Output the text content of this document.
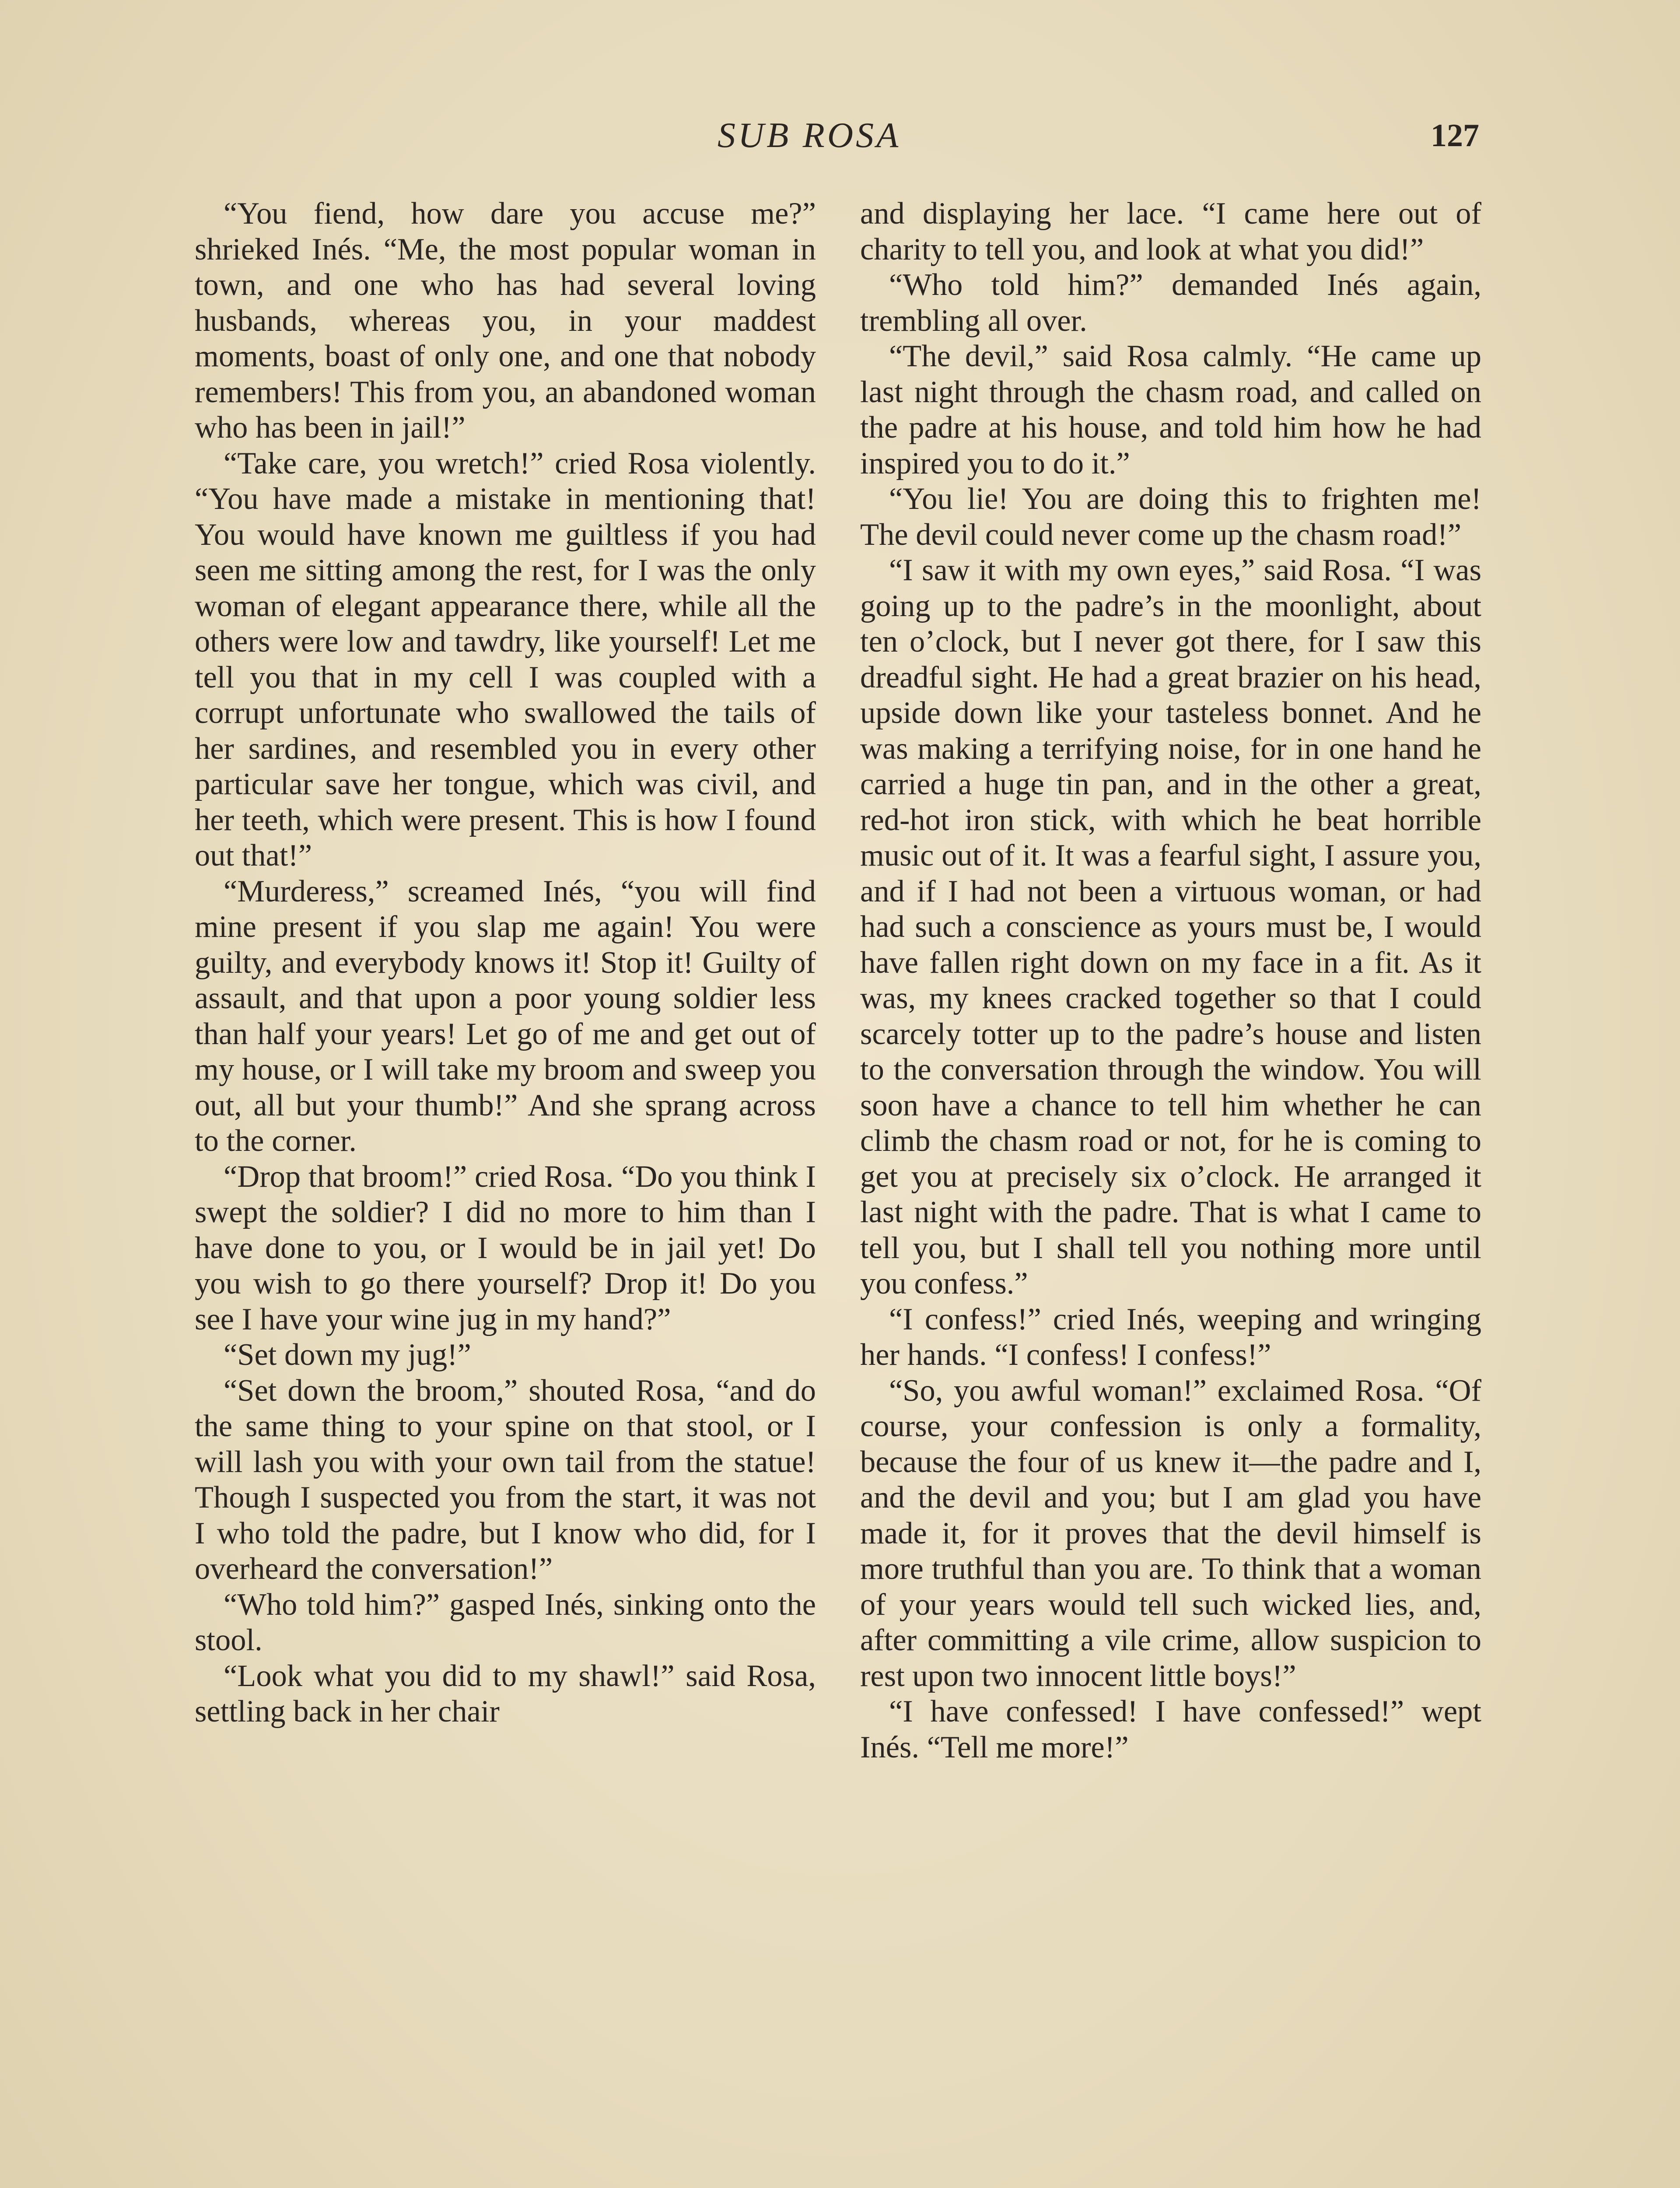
SUB ROSA	127

“You fiend, how dare you accuse me?” shrieked Inés. “Me, the most popular woman in town, and one who has had several loving husbands, whereas you, in your maddest moments, boast of only one, and one that nobody remembers! This from you, an abandoned woman who has been in jail!”

“Take care, you wretch!” cried Rosa violently. “You have made a mistake in mentioning that! You would have known me guiltless if you had seen me sitting among the rest, for I was the only woman of elegant appearance there, while all the others were low and tawdry, like yourself! Let me tell you that in my cell I was coupled with a corrupt unfortunate who swallowed the tails of her sardines, and resembled you in every other particular save her tongue, which was civil, and her teeth, which were present. This is how I found out that!”

“Murderess,” screamed Inés, “you will find mine present if you slap me again! You were guilty, and everybody knows it! Stop it! Guilty of assault, and that upon a poor young soldier less than half your years! Let go of me and get out of my house, or I will take my broom and sweep you out, all but your thumb!” And she sprang across to the corner.

“Drop that broom!” cried Rosa. “Do you think I swept the soldier? I did no more to him than I have done to you, or I would be in jail yet! Do you wish to go there yourself? Drop it! Do you see I have your wine jug in my hand?”

“Set down my jug!”

“Set down the broom,” shouted Rosa, “and do the same thing to your spine on that stool, or I will lash you with your own tail from the statue! Though I suspected you from the start, it was not I who told the padre, but I know who did, for I overheard the conversation!”

“Who told him?” gasped Inés, sinking onto the stool.

“Look what you did to my shawl!” said Rosa, settling back in her chair

and displaying her lace. “I came here out of charity to tell you, and look at what you did!”

“Who told him?” demanded Inés again, trembling all over.

“The devil,” said Rosa calmly. “He came up last night through the chasm road, and called on the padre at his house, and told him how he had inspired you to do it.”

“You lie! You are doing this to frighten me! The devil could never come up the chasm road!”

“I saw it with my own eyes,” said Rosa. “I was going up to the padre’s in the moonlight, about ten o’clock, but I never got there, for I saw this dreadful sight. He had a great brazier on his head, upside down like your tasteless bonnet. And he was making a terrifying noise, for in one hand he carried a huge tin pan, and in the other a great, red-hot iron stick, with which he beat horrible music out of it. It was a fearful sight, I assure you, and if I had not been a virtuous woman, or had had such a conscience as yours must be, I would have fallen right down on my face in a fit. As it was, my knees cracked together so that I could scarcely totter up to the padre’s house and listen to the conversation through the window. You will soon have a chance to tell him whether he can climb the chasm road or not, for he is coming to get you at precisely six o’clock. He arranged it last night with the padre. That is what I came to tell you, but I shall tell you nothing more until you confess.”

“I confess!” cried Inés, weeping and wringing her hands. “I confess! I confess!”

“So, you awful woman!” exclaimed Rosa. “Of course, your confession is only a formality, because the four of us knew it—the padre and I, and the devil and you; but I am glad you have made it, for it proves that the devil himself is more truthful than you are. To think that a woman of your years would tell such wicked lies, and, after committing a vile crime, allow suspicion to rest upon two innocent little boys!”

“I have confessed! I have confessed!” wept Inés. “Tell me more!”
